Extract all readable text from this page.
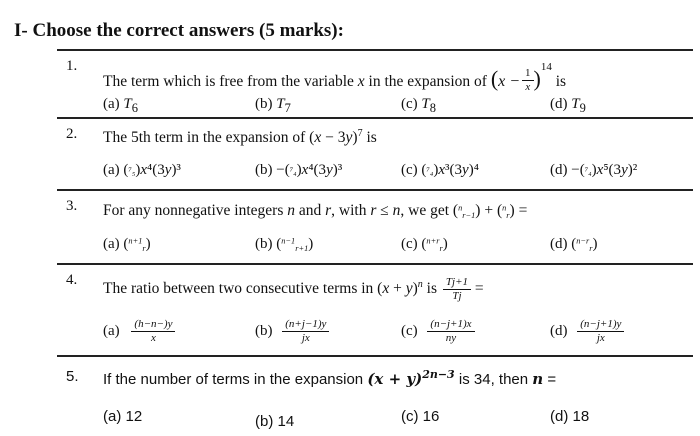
I- Choose the correct answers (5 marks):
1.
The term which is free from the variable x in the expansion of $(x - \frac{1}{x} )^{14}$ is
(a) $T_6$	(b) $T_7$	(c) $T_8$	(d) $T_9$
2. The 5th term in the expansion of $(x - 3y)^7$ is
(a) (⁷₅)x⁴(3y)³	(b) −(⁷₄)x⁴(3y)³	(c) (⁷₄)x³(3y)⁴	(d) −(⁷₄)x⁵(3y)²
3. For any nonnegative integers n and r, with r ≤ n, we get ($^n_{r-1}$) + ($^n_r$) =
(a) ($^{n+1}_r$)	(b) ($^{n-1}_{r+1}$)	(c) ($^{n+r}_r$)	(d) ($^{n-r}_r$)
4.
The ratio between two consecutive terms in $(x + y)^n$ is $\frac{Tj+1}{Tj}$ =
$(a) \frac{(h-n-)y}{x}$	$(b) \frac{(n+j-1)y}{jx}$	$(c) \frac{(n-j+1)x}{ny}$	$(d) \frac{(n-j+1)y}{jx}$
5. If the number of terms in the expansion $(x + y)^{2n-3}$ is 34, then n =
(a) 12	(b) 14	(c) 16	(d) 18
